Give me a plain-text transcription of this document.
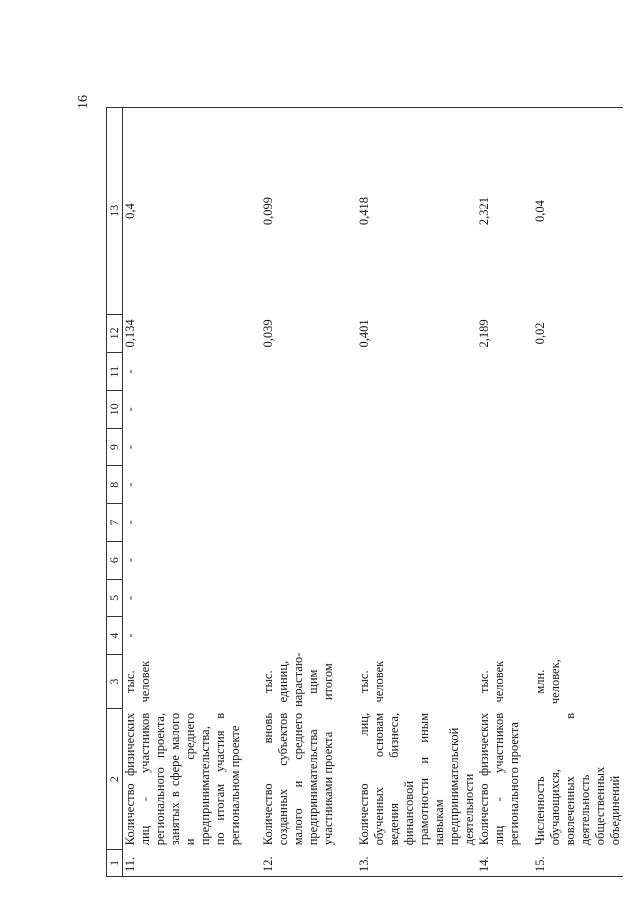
16
1	2	3	4	5	6	7	8	9	10	11	12	13
11.	Количество физических лиц - участников регионального проекта, занятых в сфере малого и среднего предпринимательства, по итогам участия в региональном проекте	тыс. человек	-	-	-	-	-	-	-	-	0,134	0,4
12.	Количество вновь созданных субъектов малого и среднего предпринимательства участниками проекта	тыс. единиц, нарастаю-щим итогом									0,039	0,099
13.	Количество лиц, обученных основам ведения бизнеса, финансовой грамотности и иным навыкам предпринимательской деятельности	тыс. человек									0,401	0,418
14.	Количество физических лиц - участников регионального проекта	тыс. человек									2,189	2,321
15.	Численность обучающихся, вовлеченных в деятельность общественных объединений	млн. человек,									0,02	0,04
